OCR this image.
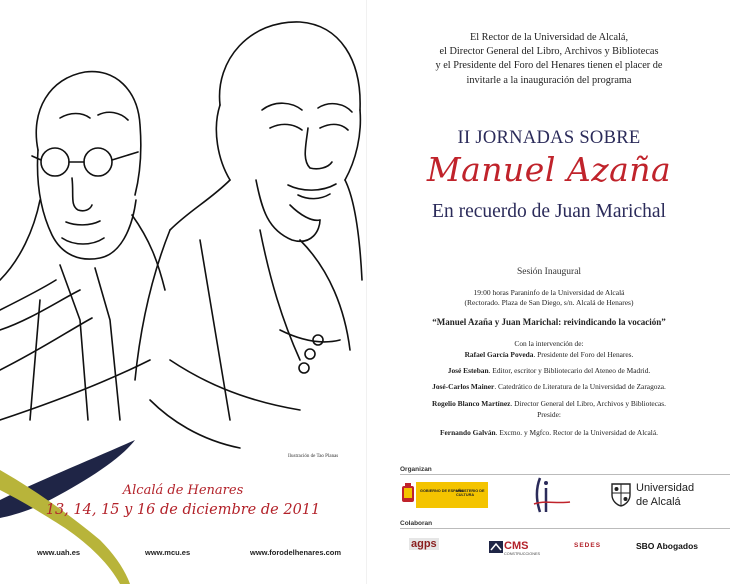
Ilustración de Tao Planas
Alcalá de Henares
13, 14, 15 y 16 de diciembre de 2011
www.uah.es	www.mcu.es	www.forodelhenares.com
El Rector de la Universidad de Alcalá,
el Director General del Libro, Archivos y Bibliotecas
y el Presidente del Foro del Henares tienen el placer de
invitarle a la inauguración del programa
II JORNADAS SOBRE
Manuel Azaña
En recuerdo de Juan Marichal
Sesión Inaugural
19:00 horas Paraninfo de la Universidad de Alcalá
(Rectorado. Plaza de San Diego, s/n. Alcalá de Henares)
“Manuel Azaña y Juan Marichal: reivindicando la vocación”
Con la intervención de:
Rafael García Poveda. Presidente del Foro del Henares.
José Esteban. Editor, escritor y Bibliotecario del Ateneo de Madrid.
José-Carlos Mainer. Catedrático de Literatura de la Universidad de Zaragoza.
Rogelio Blanco Martínez. Director General del Libro, Archivos y Bibliotecas.
Preside:
Fernando Galván. Excmo. y Mgfco. Rector de la Universidad de Alcalá.
Organizan
GOBIERNO DE ESPAÑA
MINISTERIO DE CULTURA
Universidad
de Alcalá
Colaboran
agps	CMS
CONSTRUCCIONES
SEDES	SBO Abogados
